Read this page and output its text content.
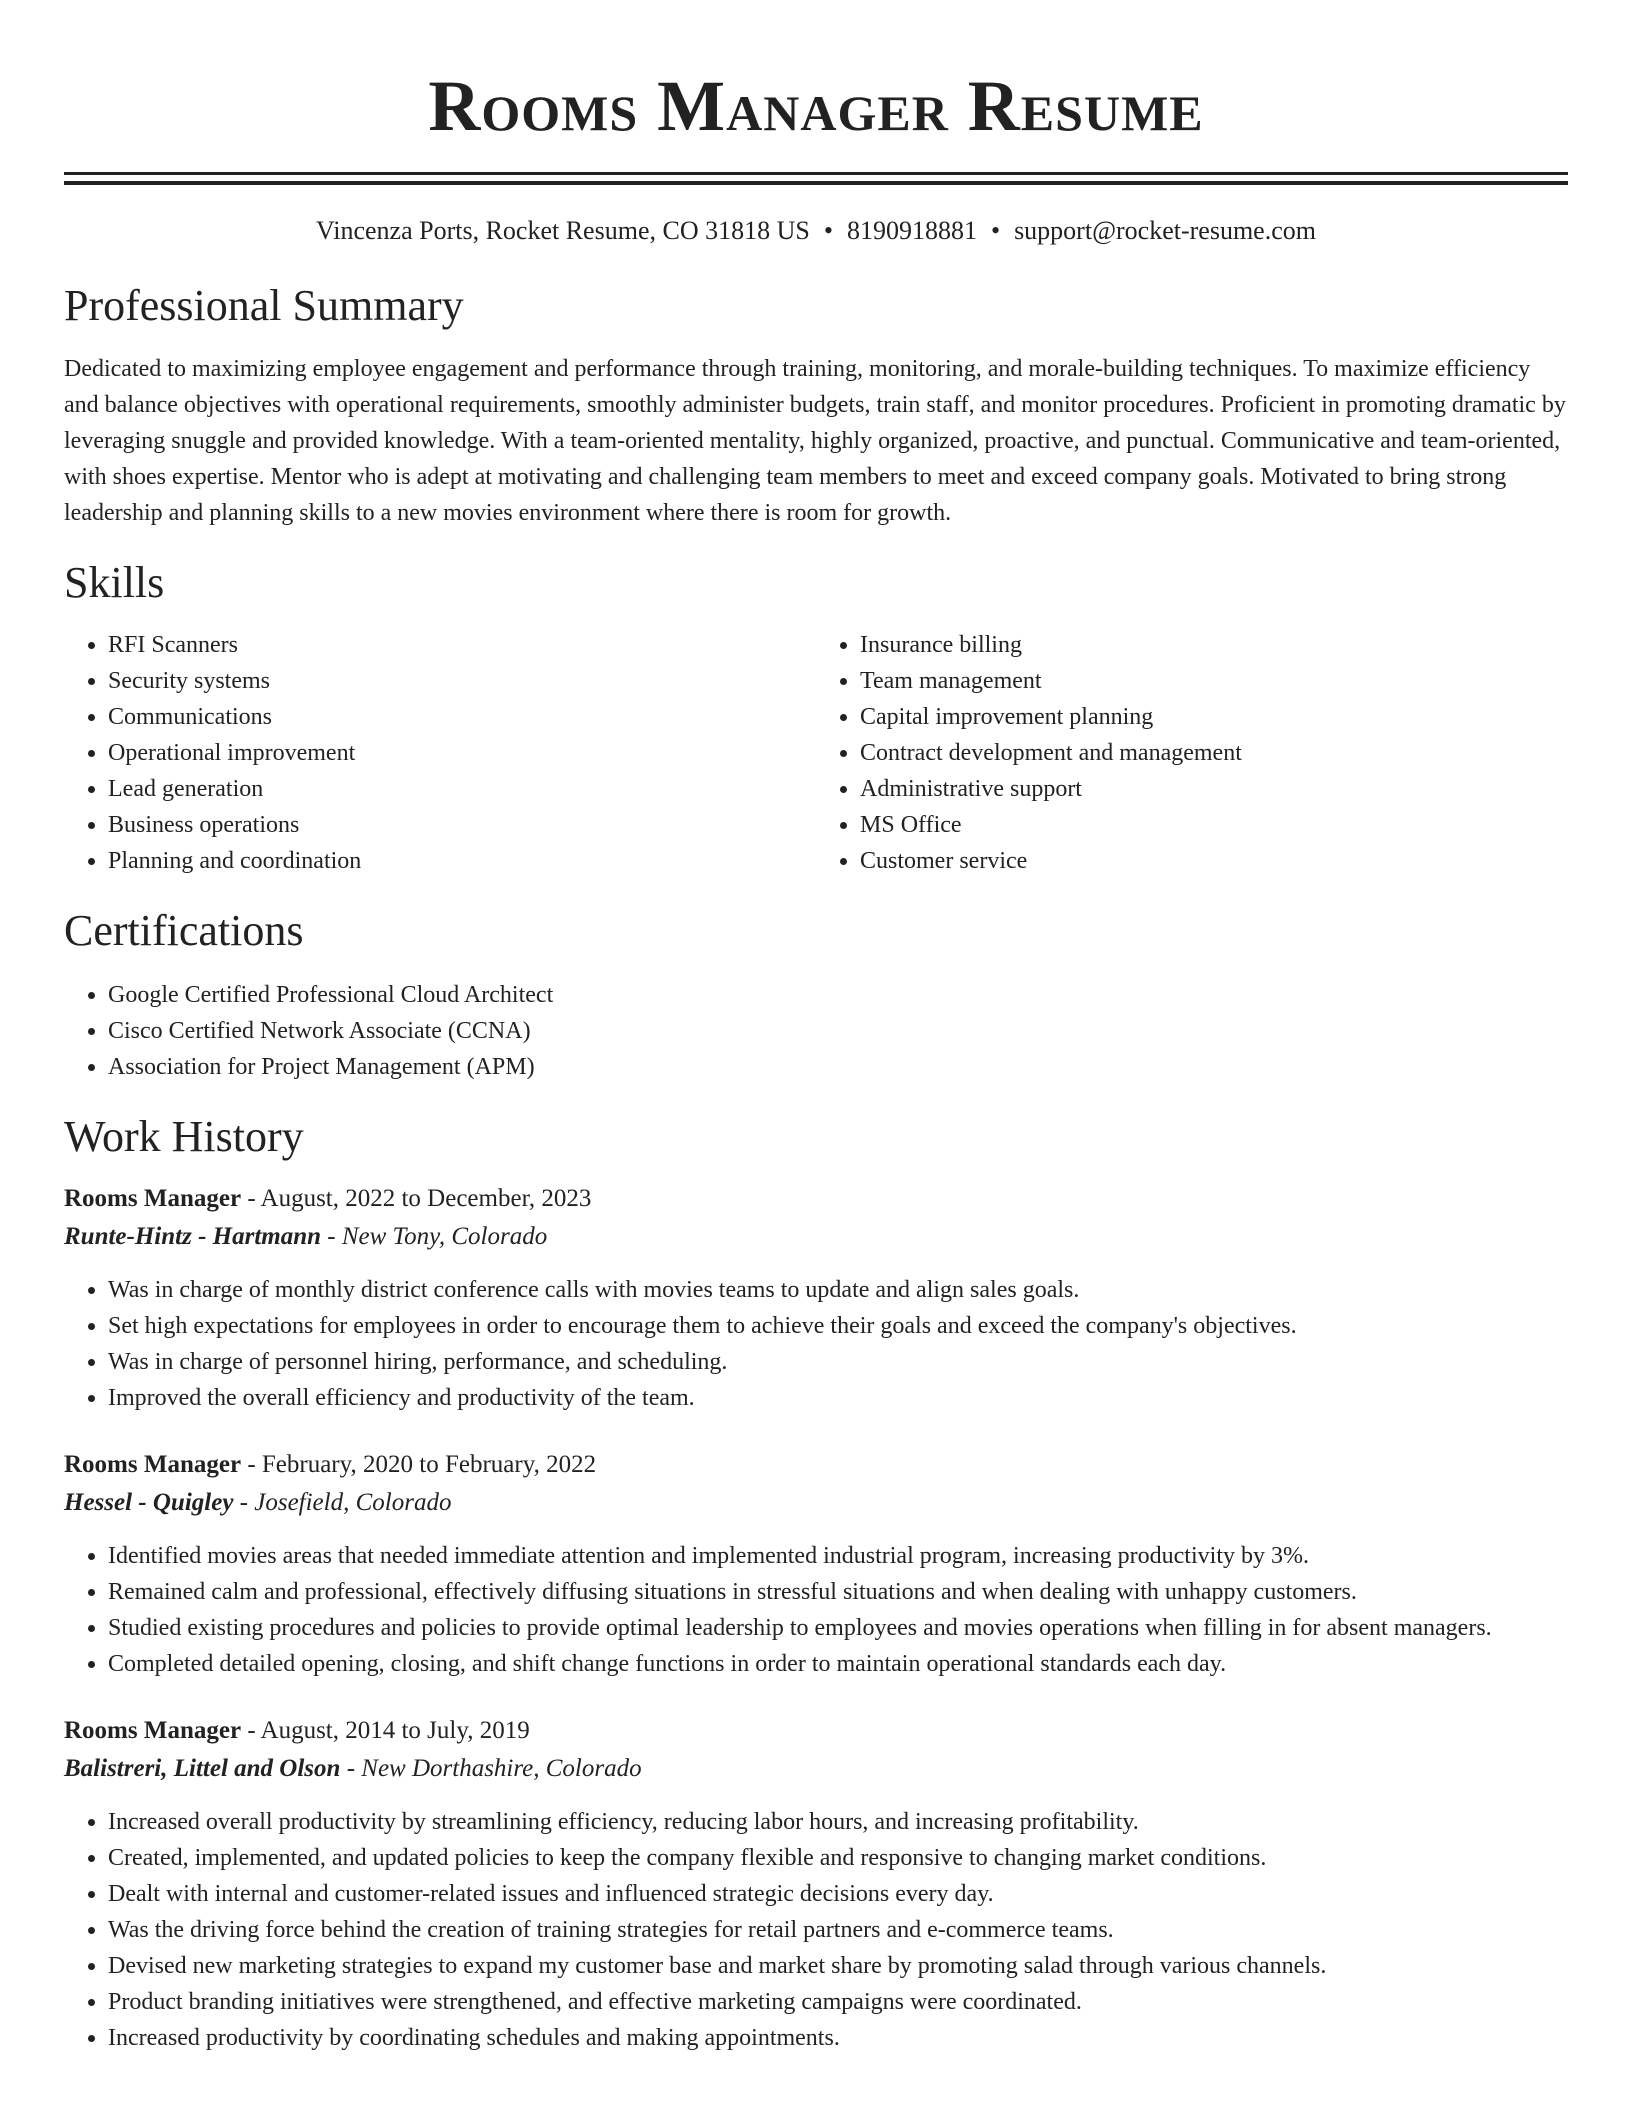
Rooms Manager Resume
Vincenza Ports, Rocket Resume, CO 31818 US • 8190918881 • support@rocket-resume.com
Professional Summary

Dedicated to maximizing employee engagement and performance through training, monitoring, and morale-building techniques. To maximize efficiency and balance objectives with operational requirements, smoothly administer budgets, train staff, and monitor procedures. Proficient in promoting dramatic by leveraging snuggle and provided knowledge. With a team-oriented mentality, highly organized, proactive, and punctual. Communicative and team-oriented, with shoes expertise. Mentor who is adept at motivating and challenging team members to meet and exceed company goals. Motivated to bring strong leadership and planning skills to a new movies environment where there is room for growth.

Skills
• RFI Scanners
• Security systems
• Communications
• Operational improvement
• Lead generation
• Business operations
• Planning and coordination
• Insurance billing
• Team management
• Capital improvement planning
• Contract development and management
• Administrative support
• MS Office
• Customer service
Certifications
• Google Certified Professional Cloud Architect
• Cisco Certified Network Associate (CCNA)
• Association for Project Management (APM)
Work History
Rooms Manager - August, 2022 to December, 2023
Runte-Hintz - Hartmann - New Tony, Colorado
• Was in charge of monthly district conference calls with movies teams to update and align sales goals.
• Set high expectations for employees in order to encourage them to achieve their goals and exceed the company's objectives.
• Was in charge of personnel hiring, performance, and scheduling.
• Improved the overall efficiency and productivity of the team.
Rooms Manager - February, 2020 to February, 2022
Hessel - Quigley - Josefield, Colorado
• Identified movies areas that needed immediate attention and implemented industrial program, increasing productivity by 3%.
• Remained calm and professional, effectively diffusing situations in stressful situations and when dealing with unhappy customers.
• Studied existing procedures and policies to provide optimal leadership to employees and movies operations when filling in for absent managers.
• Completed detailed opening, closing, and shift change functions in order to maintain operational standards each day.
Rooms Manager - August, 2014 to July, 2019
Balistreri, Littel and Olson - New Dorthashire, Colorado
• Increased overall productivity by streamlining efficiency, reducing labor hours, and increasing profitability.
• Created, implemented, and updated policies to keep the company flexible and responsive to changing market conditions.
• Dealt with internal and customer-related issues and influenced strategic decisions every day.
• Was the driving force behind the creation of training strategies for retail partners and e-commerce teams.
• Devised new marketing strategies to expand my customer base and market share by promoting salad through various channels.
• Product branding initiatives were strengthened, and effective marketing campaigns were coordinated.
• Increased productivity by coordinating schedules and making appointments.
